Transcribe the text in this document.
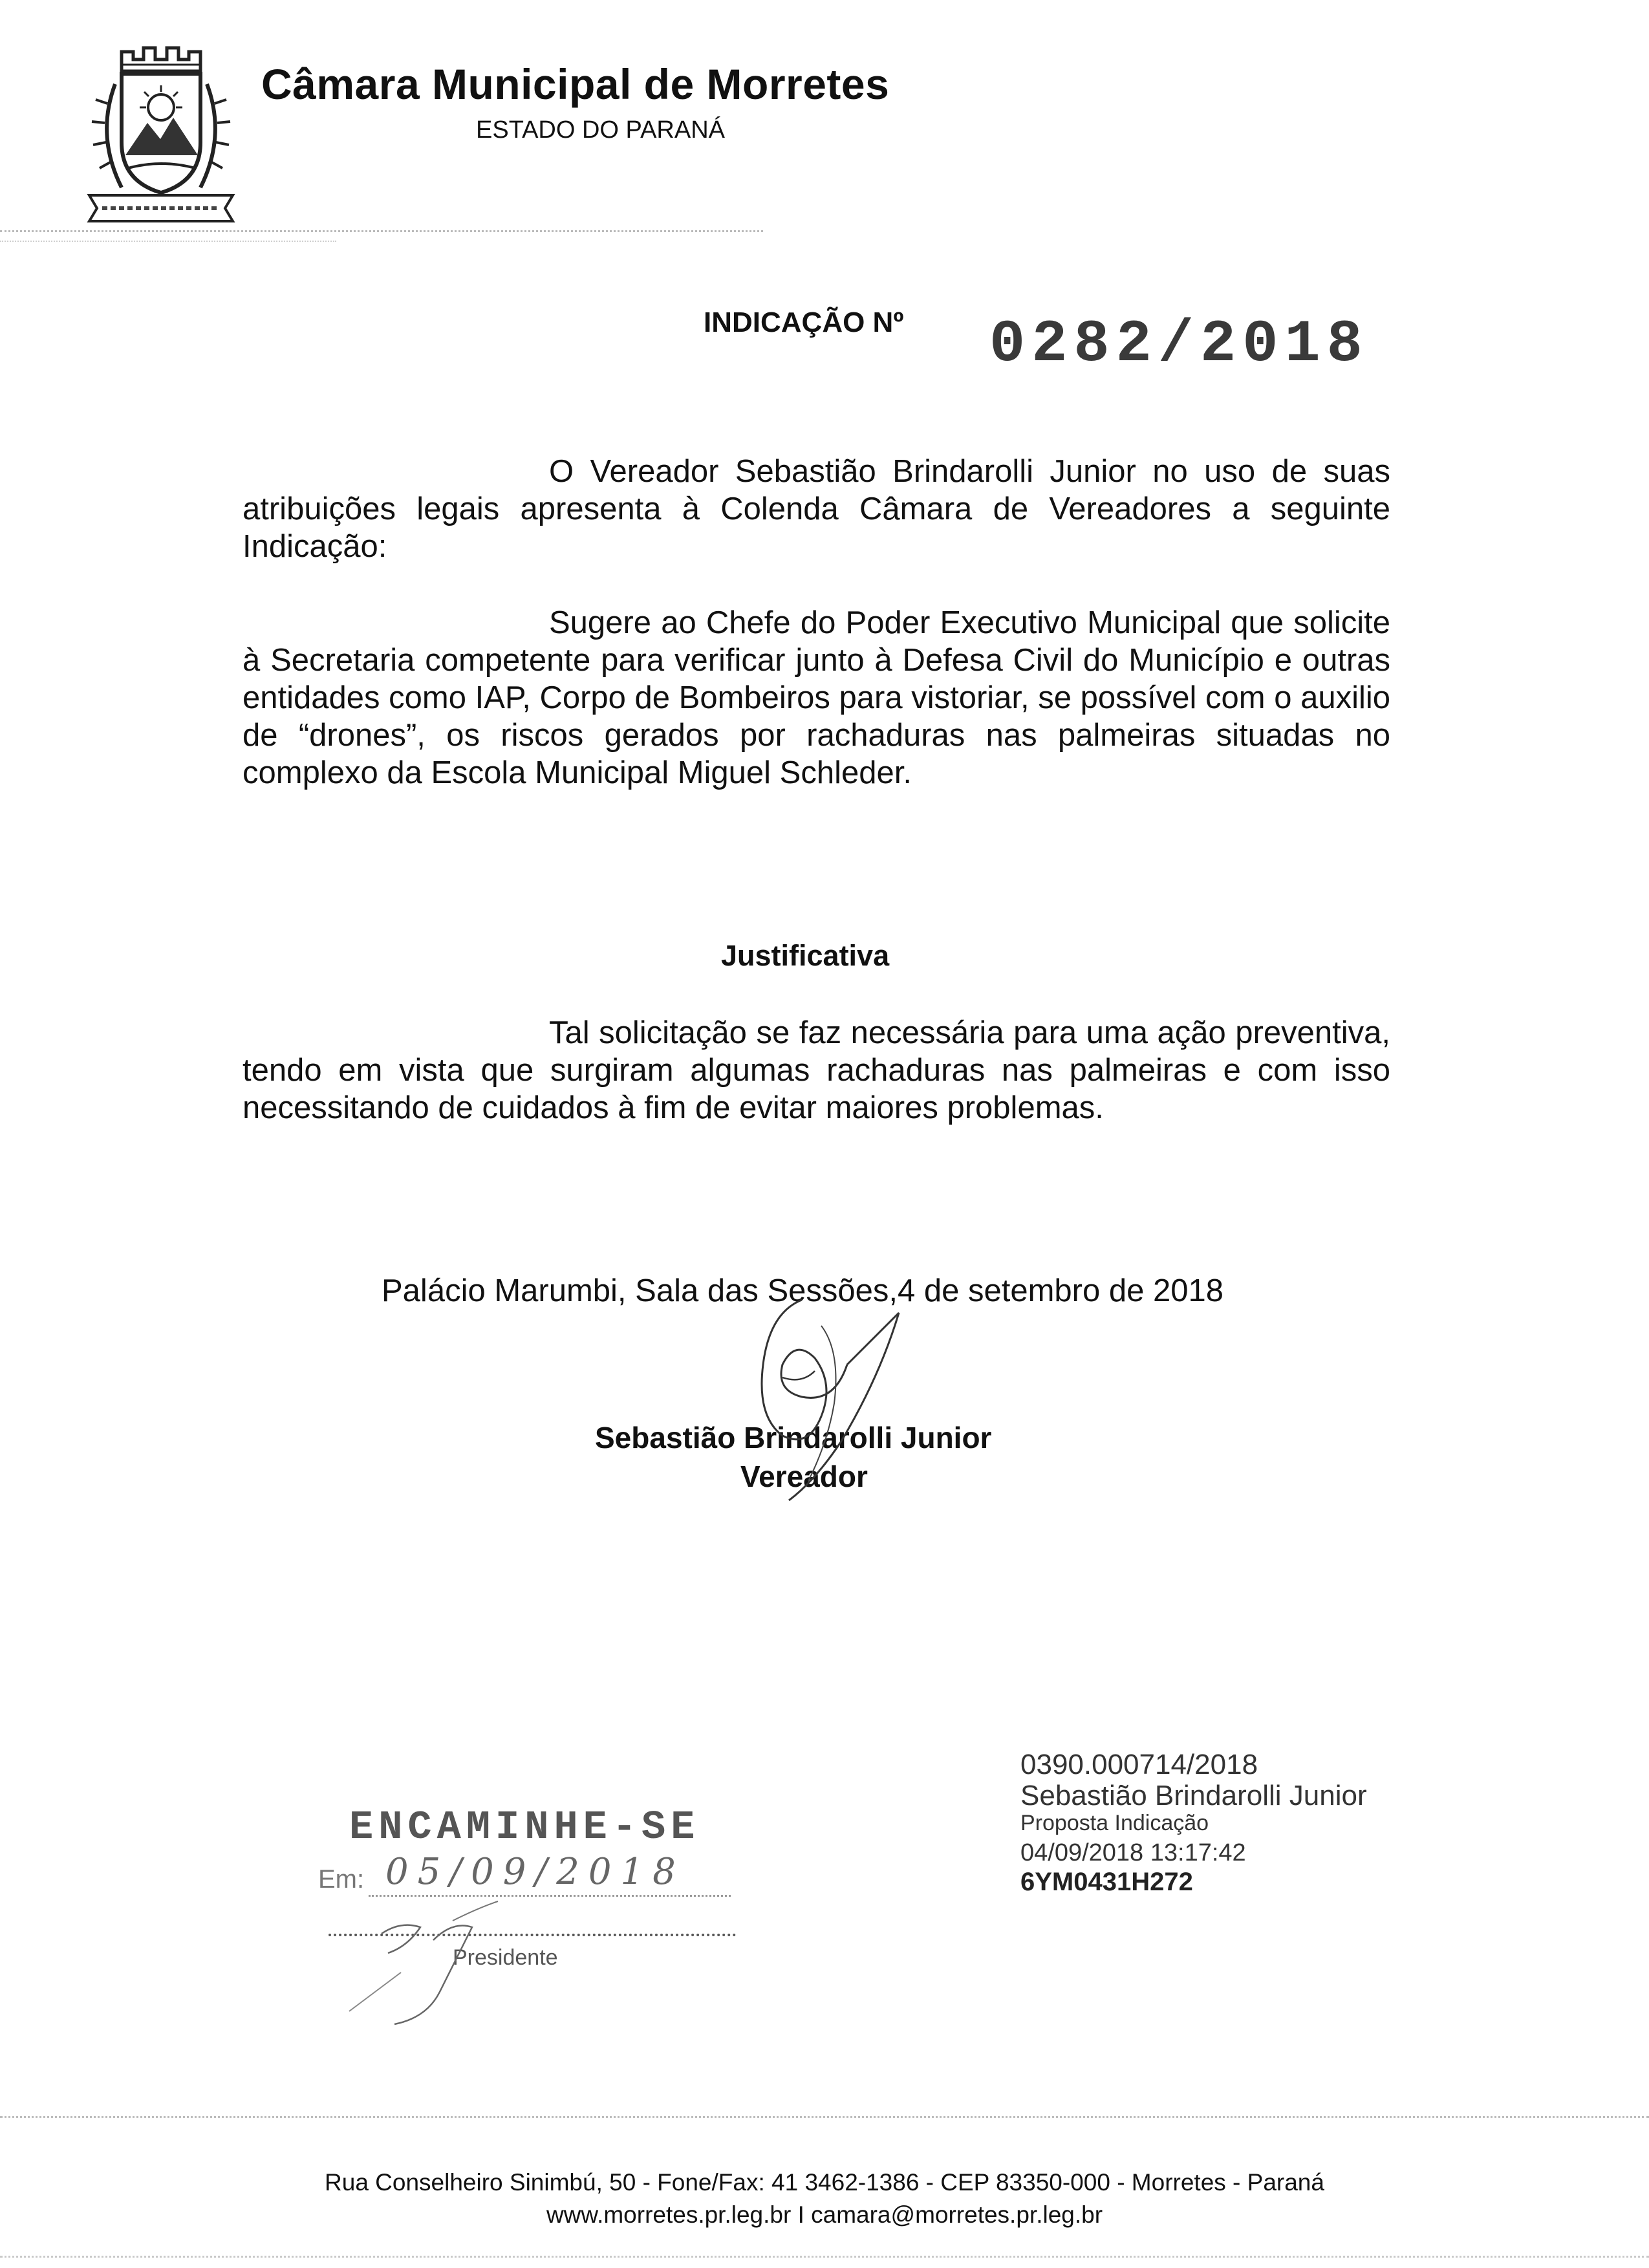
Câmara Municipal de Morretes
ESTADO DO PARANÁ
INDICAÇÃO Nº 0282/2018
O Vereador Sebastião Brindarolli Junior no uso de suas atribuições legais apresenta à Colenda Câmara de Vereadores a seguinte Indicação:
Sugere ao Chefe do Poder Executivo Municipal que solicite à Secretaria competente para verificar junto à Defesa Civil do Município e outras entidades como IAP, Corpo de Bombeiros para vistoriar, se possível com o auxilio de “drones”, os riscos gerados por rachaduras nas palmeiras situadas no complexo da Escola Municipal Miguel Schleder.
Justificativa
Tal solicitação se faz necessária para uma ação preventiva, tendo em vista que surgiram algumas rachaduras nas palmeiras e com isso necessitando de cuidados à fim de evitar maiores problemas.
Palácio Marumbi, Sala das Sessões,4 de setembro de 2018
Sebastião Brindarolli Junior
Vereador
0390.000714/2018
Sebastião Brindarolli Junior
Proposta Indicação
04/09/2018 13:17:42
6YM0431H272
ENCAMINHE-SE
Em: 05/09/2018
Presidente
Rua Conselheiro Sinimbú, 50 - Fone/Fax: 41 3462-1386 - CEP 83350-000 - Morretes - Paraná
www.morretes.pr.leg.br I camara@morretes.pr.leg.br
